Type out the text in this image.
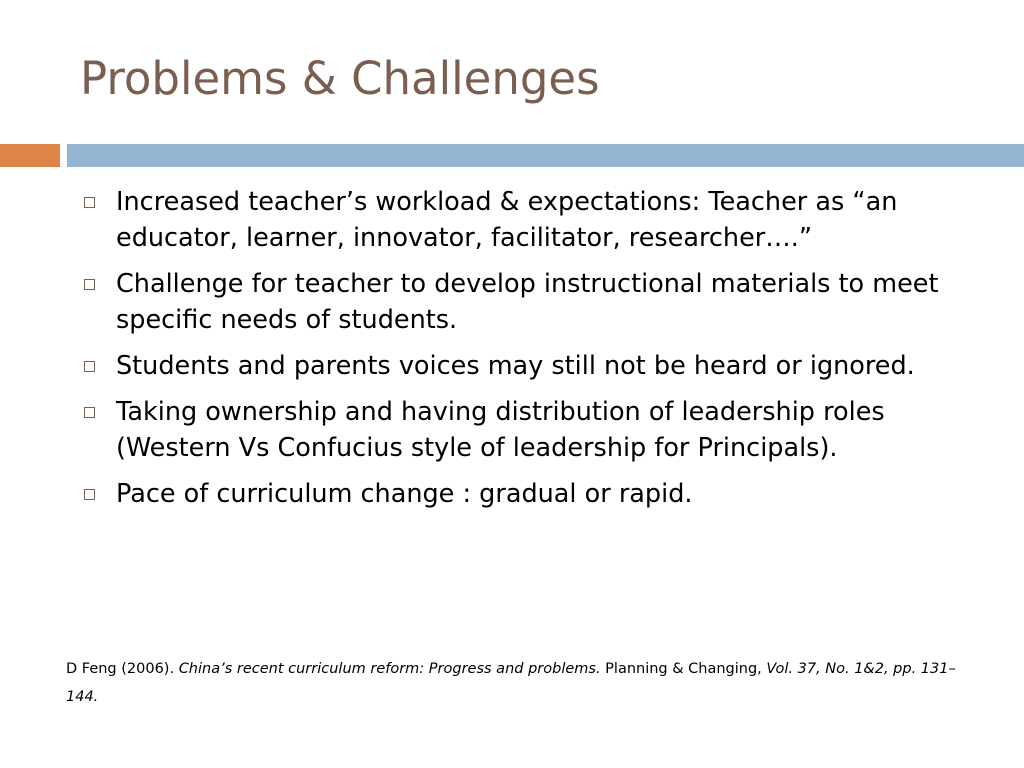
Problems & Challenges
Increased teacher’s workload & expectations: Teacher as “an educator, learner, innovator, facilitator, researcher….”
Challenge for teacher to develop instructional materials to meet specific needs of students.
Students and parents voices may still not be heard or ignored.
Taking ownership and having distribution of leadership roles (Western Vs Confucius style of leadership for Principals).
Pace of curriculum change : gradual or rapid.

D Feng (2006). China’s recent curriculum reform: Progress and problems. Planning & Changing, Vol. 37, No. 1&2, pp. 131–144.
